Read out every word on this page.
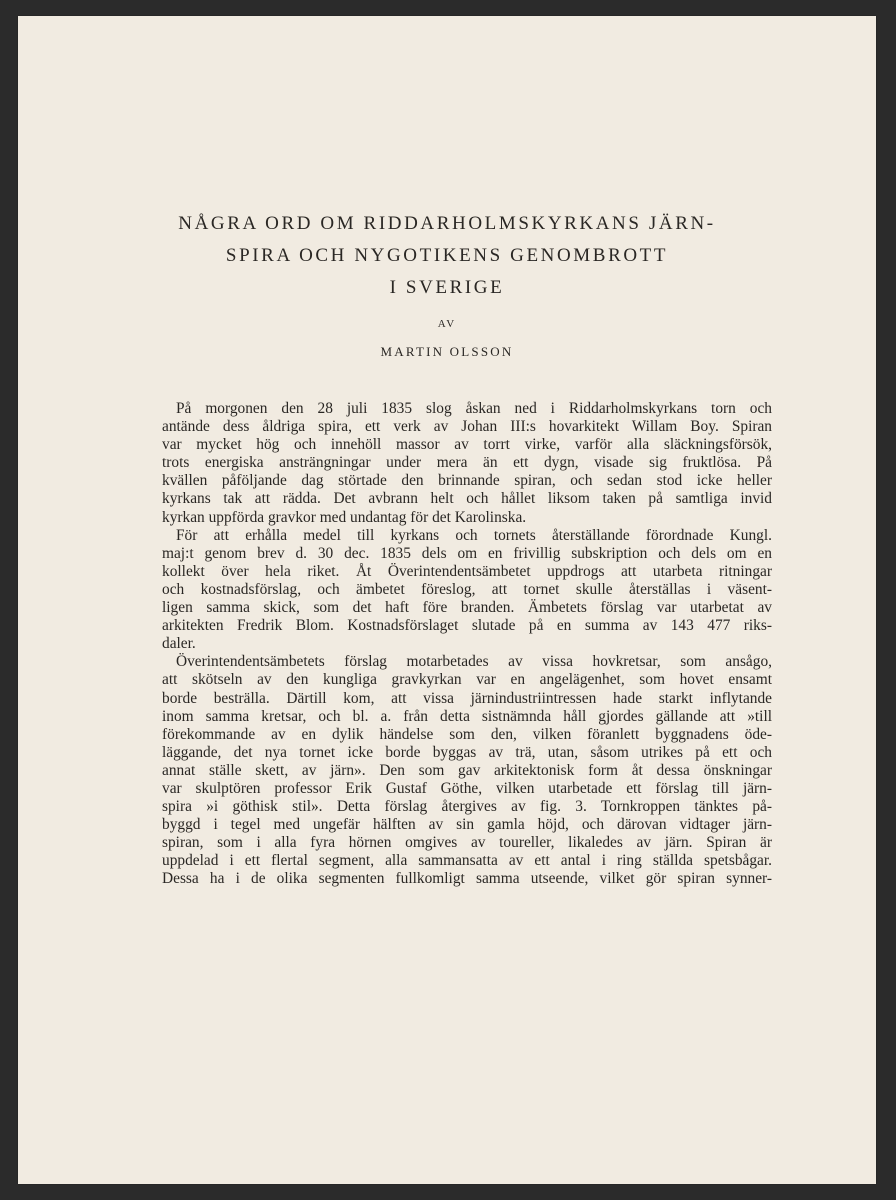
NÅGRA ORD OM RIDDARHOLMSKYRKANS JÄRN-
SPIRA OCH NYGOTIKENS GENOMBROTT
I SVERIGE
AV
MARTIN OLSSON
På morgonen den 28 juli 1835 slog åskan ned i Riddarholmskyrkans torn och
antände dess åldriga spira, ett verk av Johan III:s hovarkitekt Willam Boy. Spiran
var mycket hög och innehöll massor av torrt virke, varför alla släckningsförsök,
trots energiska ansträngningar under mera än ett dygn, visade sig fruktlösa. På
kvällen påföljande dag störtade den brinnande spiran, och sedan stod icke heller
kyrkans tak att rädda. Det avbrann helt och hållet liksom taken på samtliga invid
kyrkan uppförda gravkor med undantag för det Karolinska.
För att erhålla medel till kyrkans och tornets återställande förordnade Kungl.
maj:t genom brev d. 30 dec. 1835 dels om en frivillig subskription och dels om en
kollekt över hela riket. Åt Överintendentsämbetet uppdrogs att utarbeta ritningar
och kostnadsförslag, och ämbetet föreslog, att tornet skulle återställas i väsent-
ligen samma skick, som det haft före branden. Ämbetets förslag var utarbetat av
arkitekten Fredrik Blom. Kostnadsförslaget slutade på en summa av 143 477 riks-
daler.
Överintendentsämbetets förslag motarbetades av vissa hovkretsar, som ansågo,
att skötseln av den kungliga gravkyrkan var en angelägenhet, som hovet ensamt
borde besträlla. Därtill kom, att vissa järnindustriintressen hade starkt inflytande
inom samma kretsar, och bl. a. från detta sistnämnda håll gjordes gällande att »till
förekommande av en dylik händelse som den, vilken föranlett byggnadens öde-
läggande, det nya tornet icke borde byggas av trä, utan, såsom utrikes på ett och
annat ställe skett, av järn». Den som gav arkitektonisk form åt dessa önskningar
var skulptören professor Erik Gustaf Göthe, vilken utarbetade ett förslag till järn-
spira »i göthisk stil». Detta förslag återgives av fig. 3. Tornkroppen tänktes på-
byggd i tegel med ungefär hälften av sin gamla höjd, och därovan vidtager järn-
spiran, som i alla fyra hörnen omgives av toureller, likaledes av järn. Spiran är
uppdelad i ett flertal segment, alla sammansatta av ett antal i ring ställda spetsbågar.
Dessa ha i de olika segmenten fullkomligt samma utseende, vilket gör spiran synner-
